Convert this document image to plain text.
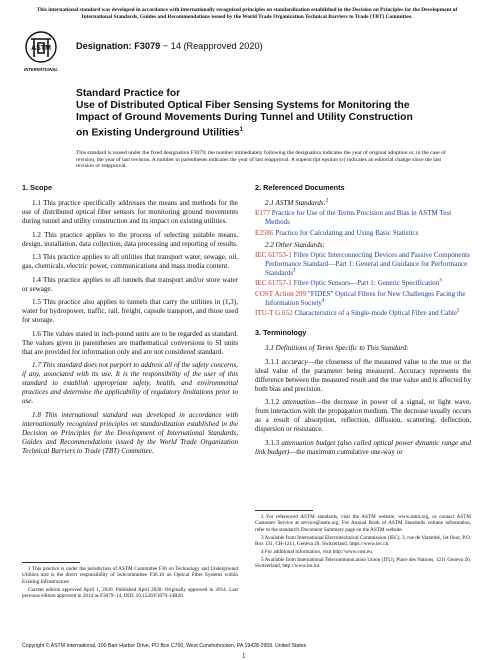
This international standard was developed in accordance with internationally recognized principles on standardization established in the Decision on Principles for the Development of International Standards, Guides and Recommendations issued by the World Trade Organization Technical Barriers to Trade (TBT) Committee.
ASTM
INTERNATIONAL
Designation: F3079 − 14 (Reapproved 2020)
Standard Practice for
Use of Distributed Optical Fiber Sensing Systems for Monitoring the Impact of Ground Movements During Tunnel and Utility Construction on Existing Underground Utilities$^1$
This standard is issued under the fixed designation F3079; the number immediately following the designation indicates the year of original adoption or, in the case of revision, the year of last revision. A number in parentheses indicates the year of last reapproval. A superscript epsilon (ε) indicates an editorial change since the last revision or reapproval.
1. Scope
1.1 This practice specifically addresses the means and methods for the use of distributed optical fiber sensors for monitoring ground movements during tunnel and utility construction and its impact on existing utilities.
1.2 This practice applies to the process of selecting suitable means, design, installation, data collection, data processing and reporting of results.
1.3 This practice applies to all utilities that transport water, sewage, oil, gas, chemicals, electric power, communications and mass media content.
1.4 This practice applies to all tunnels that transport and/or store water or sewage.
1.5 This practice also applies to tunnels that carry the utilities in (1,3), water for hydropower, traffic, rail, freight, capsule transport, and those used for storage.
1.6 The values stated in inch-pound units are to be regarded as standard. The values given in parentheses are mathematical conversions to SI units that are provided for information only and are not considered standard.
1.7 This standard does not purport to address all of the safety concerns, if any, associated with its use. It is the responsibility of the user of this standard to establish appropriate safety, health, and environmental practices and determine the applicability of regulatory limitations prior to use.
1.8 This international standard was developed in accordance with internationally recognized principles on standardization established in the Decision on Principles for the Development of International Standards, Guides and Recommendations issued by the World Trade Organization Technical Barriers to Trade (TBT) Committee.

1 This practice is under the jurisdiction of ASTM Committee F36 on Technology and Underground Utilities and is the direct responsibility of Subcommittee F36.10 on Optical Fiber Systems within Existing Infrastructure.

Current edition approved April 1, 2020. Published April 2020. Originally approved in 2014. Last previous edition approved in 2014 as F3079–14. DOI: 10.1520/F3079-14R20.

2. Referenced Documents
2.1 ASTM Standards:$^2$
E177 Practice for Use of the Terms Precision and Bias in ASTM Test Methods
E2586 Practice for Calculating and Using Basic Statistics
2.2 Other Standards:
IEC 61753-1 Fibre Optic Interconnecting Devices and Passive Components Performance Standard—Part 1: General and Guidance for Performance Standards$^3$
IEC 61757-1 Fibre Optic Sensors—Part 1: Generic Specification$^3$
COST Action 299 "FIDES" Optical Fibres for New Challenges Facing the Information Society$^4$
ITU-T G.652 Characteristics of a Single-mode Optical Fibre and Cable$^5$
3. Terminology
3.1 Definitions of Terms Specific to This Standard:
3.1.1 accuracy—the closeness of the measured value to the true or the ideal value of the parameter being measured. Accuracy represents the difference between the measured result and the true value and is affected by both bias and precision.
3.1.2 attenuation—the decrease in power of a signal, or light wave, from interaction with the propagation medium. The decrease usually occurs as a result of absorption, reflection, diffusion, scattering, deflection, dispersion or resistance.
3.1.3 attenuation budget (also called optical power dynamic range and link budget)—the maximum cumulative one-way or

2 For referenced ASTM standards, visit the ASTM website, www.astm.org, or contact ASTM Customer Service at service@astm.org. For Annual Book of ASTM Standards volume information, refer to the standard's Document Summary page on the ASTM website.

3 Available from International Electrotechnical Commission (IEC), 3, rue de Varembé, 1st floor, P.O. Box 131, CH-1211, Geneva 20, Switzerland, https://www.iec.ch.

4 For additional information, visit http://www.cost.eu.

5 Available from International Telecommunication Union (ITU), Place des Nations, 1211 Geneva 20, Switzerland, http://www.itu.int.

Copyright © ASTM International, 100 Barr Harbor Drive, PO Box C700, West Conshohocken, PA 19428-2959. United States
1
